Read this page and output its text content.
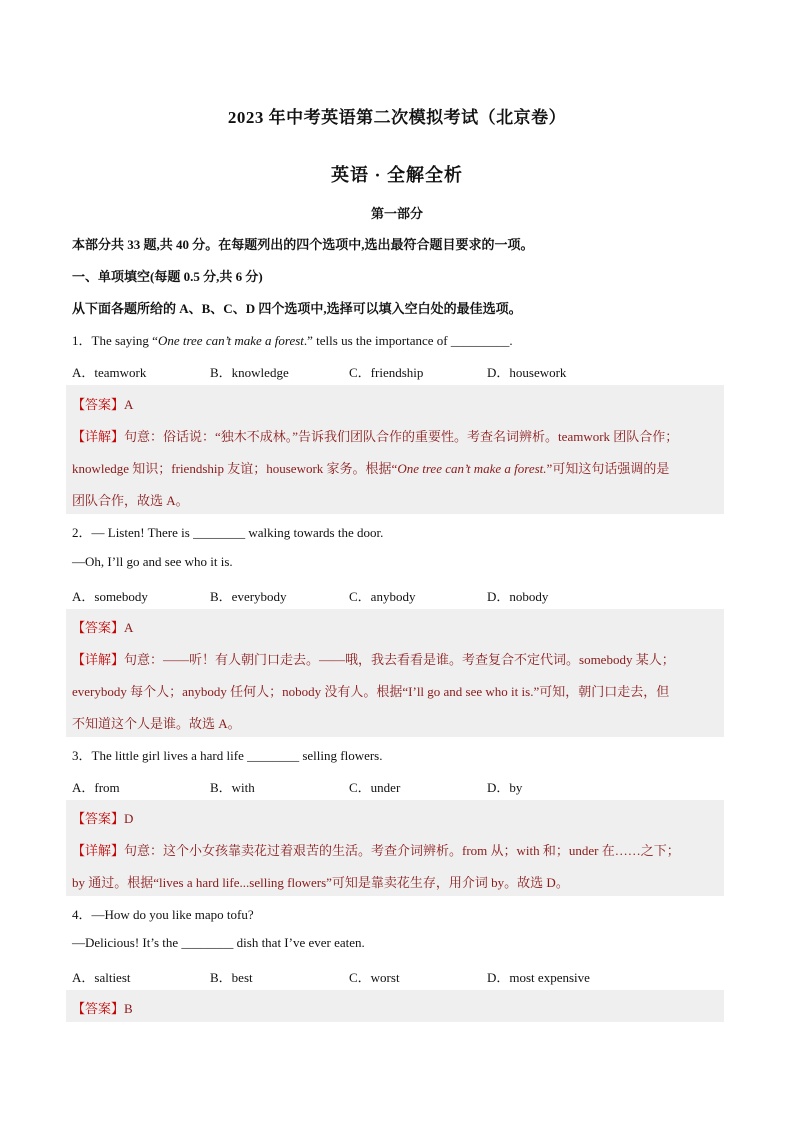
2023 年中考英语第二次模拟考试（北京卷）
英语 · 全解全析
第一部分
本部分共 33 题,共 40 分。在每题列出的四个选项中,选出最符合题目要求的一项。
一、单项填空(每题 0.5 分,共 6 分)
从下面各题所给的 A、B、C、D 四个选项中,选择可以填入空白处的最佳选项。
1．The saying “One tree can’t make a forest.” tells us the importance of _________.
A．teamwork	B．knowledge	C．friendship	D．housework
【答案】A
【详解】句意：俗话说：“独木不成林。”告诉我们团队合作的重要性。考查名词辨析。teamwork 团队合作；
knowledge 知识；friendship 友谊；housework 家务。根据“One tree can’t make a forest.”可知这句话强调的是
团队合作，故选 A。
2．— Listen! There is ________ walking towards the door.
—Oh, I’ll go and see who it is.
A．somebody	B．everybody	C．anybody	D．nobody
【答案】A
【详解】句意：——听！有人朝门口走去。——哦，我去看看是谁。考查复合不定代词。somebody 某人；
everybody 每个人；anybody 任何人；nobody 没有人。根据“I’ll go and see who it is.”可知，朝门口走去，但
不知道这个人是谁。故选 A。
3．The little girl lives a hard life ________ selling flowers.
A．from	B．with	C．under	D．by
【答案】D
【详解】句意：这个小女孩靠卖花过着艰苦的生活。考查介词辨析。from 从；with 和；under 在……之下；
by 通过。根据“lives a hard life...selling flowers”可知是靠卖花生存，用介词 by。故选 D。
4．—How do you like mapo tofu?
—Delicious! It’s the ________ dish that I’ve ever eaten.
A．saltiest	B．best	C．worst	D．most expensive
【答案】B
